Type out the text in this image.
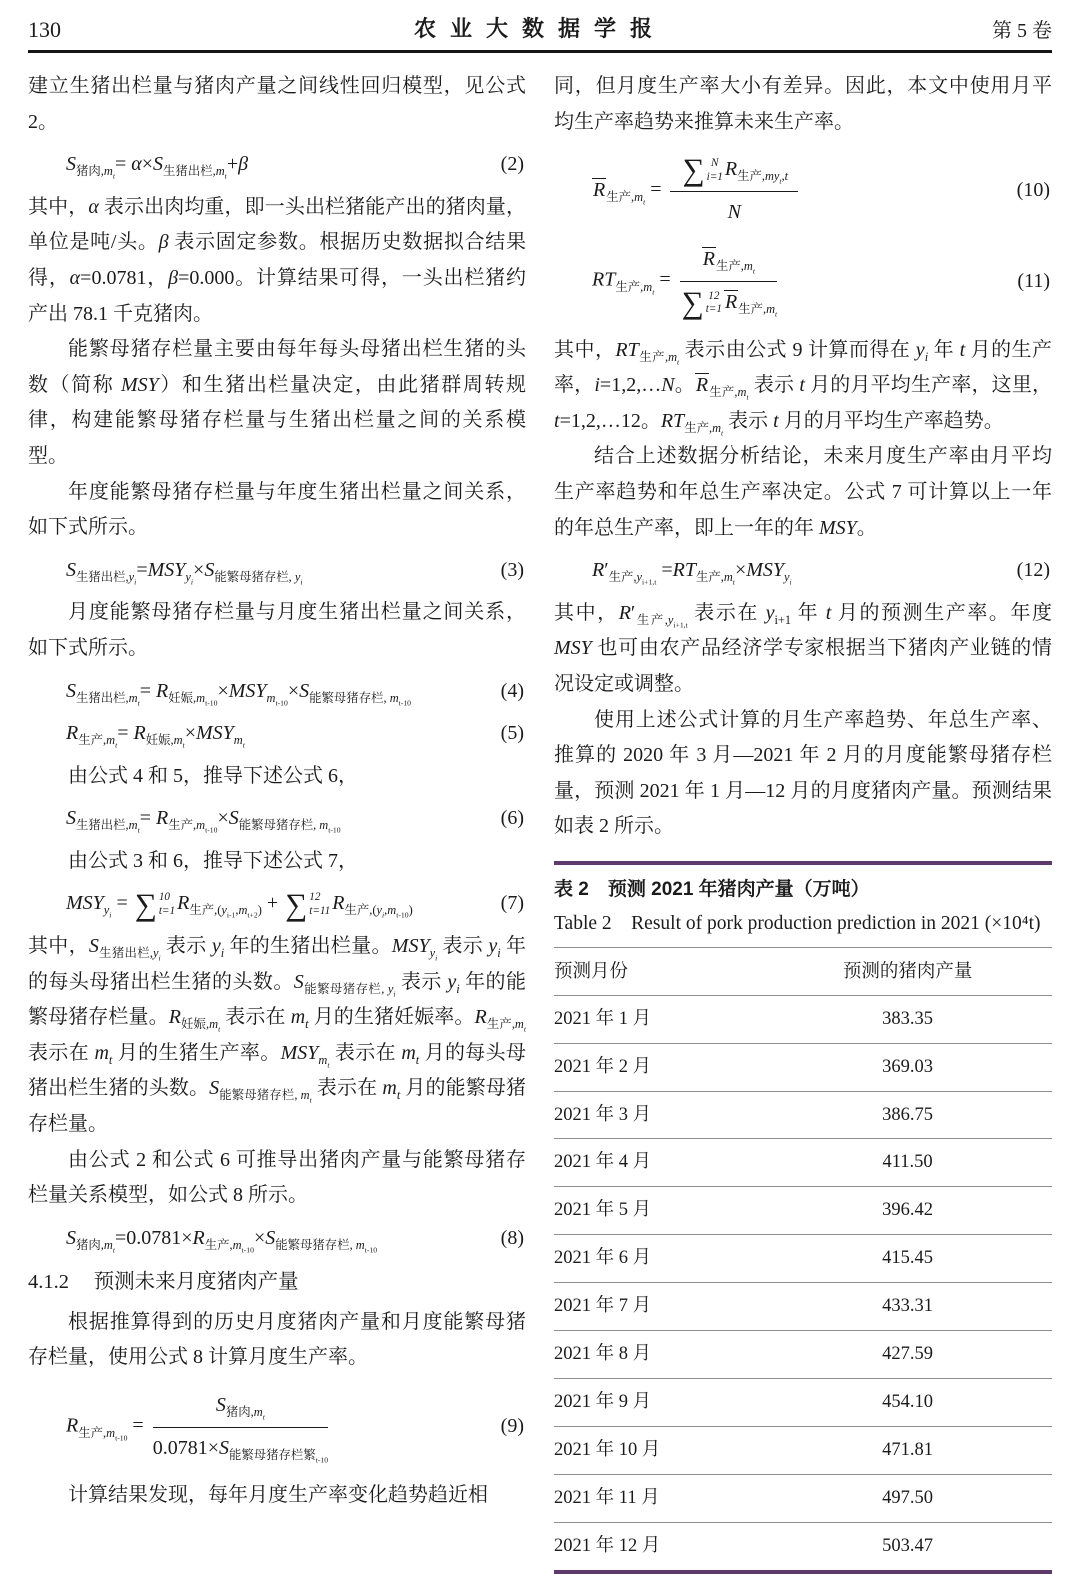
130	农业大数据学报	第 5 卷

建立生猪出栏量与猪肉产量之间线性回归模型，见公式 2。

$S_{猪肉,m_t}= \alpha\times S_{生猪出栏,m_t}+\beta$	(2)

其中，α 表示出肉均重，即一头出栏猪能产出的猪肉量，单位是吨/头。β 表示固定参数。根据历史数据拟合结果得，α=0.0781，β=0.000。计算结果可得，一头出栏猪约产出 78.1 千克猪肉。

能繁母猪存栏量主要由每年每头母猪出栏生猪的头数（简称 MSY）和生猪出栏量决定，由此猪群周转规律，构建能繁母猪存栏量与生猪出栏量之间的关系模型。

年度能繁母猪存栏量与年度生猪出栏量之间关系，如下式所示。

$S_{生猪出栏,y_i}=MSY_{y_i}\times S_{能繁母猪存栏, y_i}$
(3)

月度能繁母猪存栏量与月度生猪出栏量之间关系，如下式所示。

$S_{生猪出栏,m_t}= R_{妊娠,m_{t-10}}\times MSY_{m_{t-10}}\times S_{能繁母猪存栏, m_{t-10}}$
(4)
$R_{生产,m_t}= R_{妊娠,m_t}\times MSY_{m_t}$
(5)

由公式 4 和 5，推导下述公式 6，

$S_{生猪出栏,m_t}= R_{生产,m_{t-10}}\times S_{能繁母猪存栏, m_{t-10}}$
(6)

由公式 3 和 6，推导下述公式 7，

$MSY_{y_i}$ = ∑ 10
t=1 $R_{生产,(y_{i-1},m_{t+2})}$ + ∑ 12
t=11 $R_{生产,(y_i,m_{t-10})}$	(7)

其中，$S_{生猪出栏,y_i}$ 表示 $y_i$ 年的生猪出栏量。$MSY_{y_i}$ 表示 $y_i$ 年的每头母猪出栏生猪的头数。$S_{能繁母猪存栏, y_i}$ 表示 $y_i$ 年的能繁母猪存栏量。$R_{妊娠,m_t}$ 表示在 $m_t$ 月的生猪妊娠率。$R_{生产,m_t}$ 表示在 $m_t$ 月的生猪生产率。$MSY_{m_t}$ 表示在 $m_t$ 月的每头母猪出栏生猪的头数。$S_{能繁母猪存栏, m_t}$ 表示在 $m_t$ 月的能繁母猪存栏量。

由公式 2 和公式 6 可推导出猪肉产量与能繁母猪存栏量关系模型，如公式 8 所示。

$S_{猪肉,m_t}=0.0781\times R_{生产,m_{t-10}}\times S_{能繁母猪存栏, m_{t-10}}$
(8)
4.1.2 预测未来月度猪肉产量

根据推算得到的历史月度猪肉产量和月度能繁母猪存栏量，使用公式 8 计算月度生产率。

$R_{生产,m_{t-10}} = \frac{S_{猪肉,m_t}}{0.0781\times S_{能繁母猪存栏繁_{t-10}}}$	(9)

计算结果发现，每年月度生产率变化趋势趋近相

同，但月度生产率大小有差异。因此，本文中使用月平均生产率趋势来推算未来生产率。

$R_{生产,m_t}$ = ∑ N
i=1 $R_{生产,my_t,t}$
N	(10)
$RT_{生产,m_t} = R_{生产,m_t}$
∑ 12
t=1 $R_{生产,m_t}$	(11)

其中，$RT_{生产,m_t}$ 表示由公式 9 计算而得在 $y_i$ 年 t 月的生产率，i=1,2,…N。$R_{生产,m_t}$ 表示 t 月的月平均生产率，这里，t=1,2,…12。$RT_{生产,m_t}$ 表示 t 月的月平均生产率趋势。

结合上述数据分析结论，未来月度生产率由月平均生产率趋势和年总生产率决定。公式 7 可计算以上一年的年总生产率，即上一年的年 MSY。

$R'_{生产,y_{i+1,t}} =RT_{生产,m_t}\times MSY_{y_i}$
(12)

其中，$R'_{生产,y_{i+1,t}}$ 表示在 $y_{i+1}$ 年 t 月的预测生产率。年度 MSY 也可由农产品经济学专家根据当下猪肉产业链的情况设定或调整。

使用上述公式计算的月生产率趋势、年总生产率、推算的 2020 年 3 月—2021 年 2 月的月度能繁母猪存栏量，预测 2021 年 1 月—12 月的月度猪肉产量。预测结果如表 2 所示。

表 2　预测 2021 年猪肉产量（万吨）
Table 2　Result of pork production prediction in 2021 (×10⁴t)
预测月份	预测的猪肉产量
2021 年 1 月	383.35
2021 年 2 月	369.03
2021 年 3 月	386.75
2021 年 4 月	411.50
2021 年 5 月	396.42
2021 年 6 月	415.45
2021 年 7 月	433.31
2021 年 8 月	427.59
2021 年 9 月	454.10
2021 年 10 月	471.81
2021 年 11 月	497.50
2021 年 12 月	503.47
